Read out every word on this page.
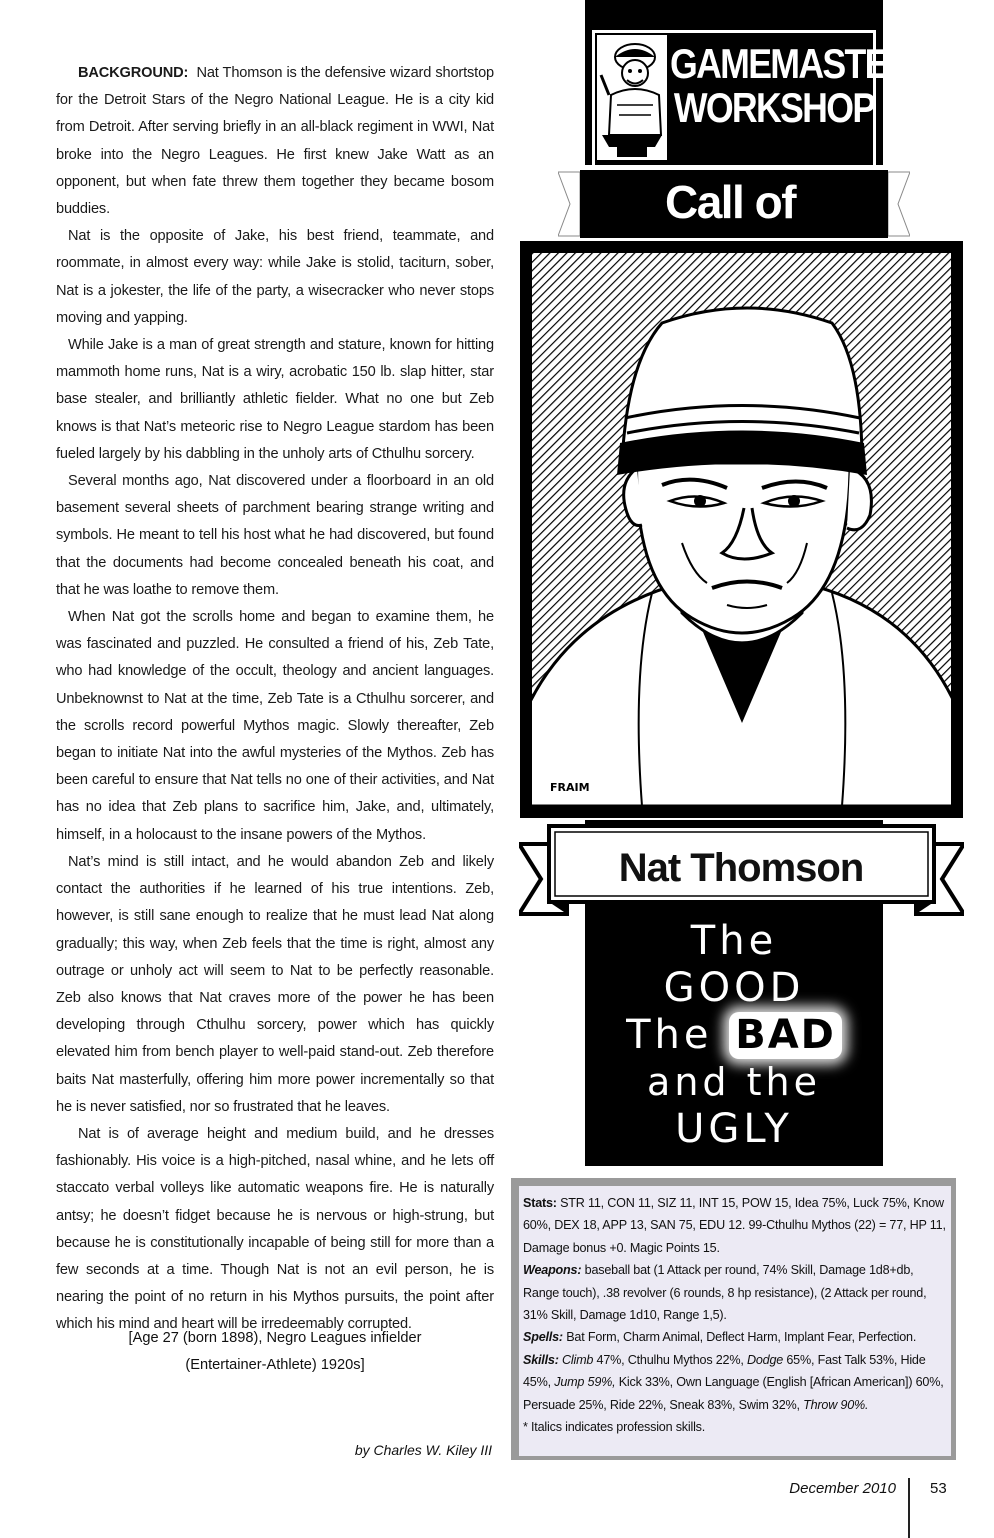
BACKGROUND: Nat Thomson is the defensive wizard shortstop for the Detroit Stars of the Negro National League. He is a city kid from Detroit. After serving briefly in an all-black regiment in WWI, Nat broke into the Negro Leagues. He first knew Jake Watt as an opponent, but when fate threw them together they became bosom buddies.

Nat is the opposite of Jake, his best friend, teammate, and roommate, in almost every way: while Jake is stolid, taciturn, sober, Nat is a jokester, the life of the party, a wisecracker who never stops moving and yapping.

While Jake is a man of great strength and stature, known for hitting mammoth home runs, Nat is a wiry, acrobatic 150 lb. slap hitter, star base stealer, and brilliantly athletic fielder. What no one but Zeb knows is that Nat’s meteoric rise to Negro League stardom has been fueled largely by his dabbling in the unholy arts of Cthulhu sorcery.

Several months ago, Nat discovered under a floorboard in an old basement several sheets of parchment bearing strange writing and symbols. He meant to tell his host what he had discovered, but found that the documents had become concealed beneath his coat, and that he was loathe to remove them.

When Nat got the scrolls home and began to examine them, he was fascinated and puzzled. He consulted a friend of his, Zeb Tate, who had knowledge of the occult, theology and ancient languages. Unbeknownst to Nat at the time, Zeb Tate is a Cthulhu sorcerer, and the scrolls record powerful Mythos magic. Slowly thereafter, Zeb began to initiate Nat into the awful mysteries of the Mythos. Zeb has been careful to ensure that Nat tells no one of their activities, and Nat has no idea that Zeb plans to sacrifice him, Jake, and, ultimately, himself, in a holocaust to the insane powers of the Mythos.

Nat’s mind is still intact, and he would abandon Zeb and likely contact the authorities if he learned of his true intentions. Zeb, however, is still sane enough to realize that he must lead Nat along gradually; this way, when Zeb feels that the time is right, almost any outrage or unholy act will seem to Nat to be perfectly reasonable. Zeb also knows that Nat craves more of the power he has been developing through Cthulhu sorcery, power which has quickly elevated him from bench player to well-paid stand-out. Zeb therefore baits Nat masterfully, offering him more power incrementally so that he is never satisfied, nor so frustrated that he leaves.

Nat is of average height and medium build, and he dresses fashionably. His voice is a high-pitched, nasal whine, and he lets off staccato verbal volleys like automatic weapons fire. He is naturally antsy; he doesn’t fidget because he is nervous or high-strung, but because he is constitutionally incapable of being still for more than a few seconds at a time. Though Nat is not an evil person, he is nearing the point of no return in his Mythos pursuits, the point after which his mind and heart will be irredeemably corrupted.

[Age 27 (born 1898), Negro Leagues infielder
(Entertainer-Athlete) 1920s]
by Charles W. Kiley III
GAMEMASTERS'
WORKSHOP
Call of
FRAIM
Nat Thomson
The
GOOD
The BAD
and the
UGLY

Stats: STR 11, CON 11, SIZ 11, INT 15, POW 15, Idea 75%, Luck 75%, Know 60%, DEX 18, APP 13, SAN 75, EDU 12. 99-Cthulhu Mythos (22) = 77, HP 11, Damage bonus +0. Magic Points 15.

Weapons: baseball bat (1 Attack per round, 74% Skill, Damage 1d8+db, Range touch), .38 revolver (6 rounds, 8 hp resistance), (2 Attack per round, 31% Skill, Damage 1d10, Range 1,5).

Spells: Bat Form, Charm Animal, Deflect Harm, Implant Fear, Perfection.

Skills: Climb 47%, Cthulhu Mythos 22%, Dodge 65%, Fast Talk 53%, Hide 45%, Jump 59%, Kick 33%, Own Language (English [African American]) 60%, Persuade 25%, Ride 22%, Sneak 83%, Swim 32%, Throw 90%.

* Italics indicates profession skills.

December 2010 53
